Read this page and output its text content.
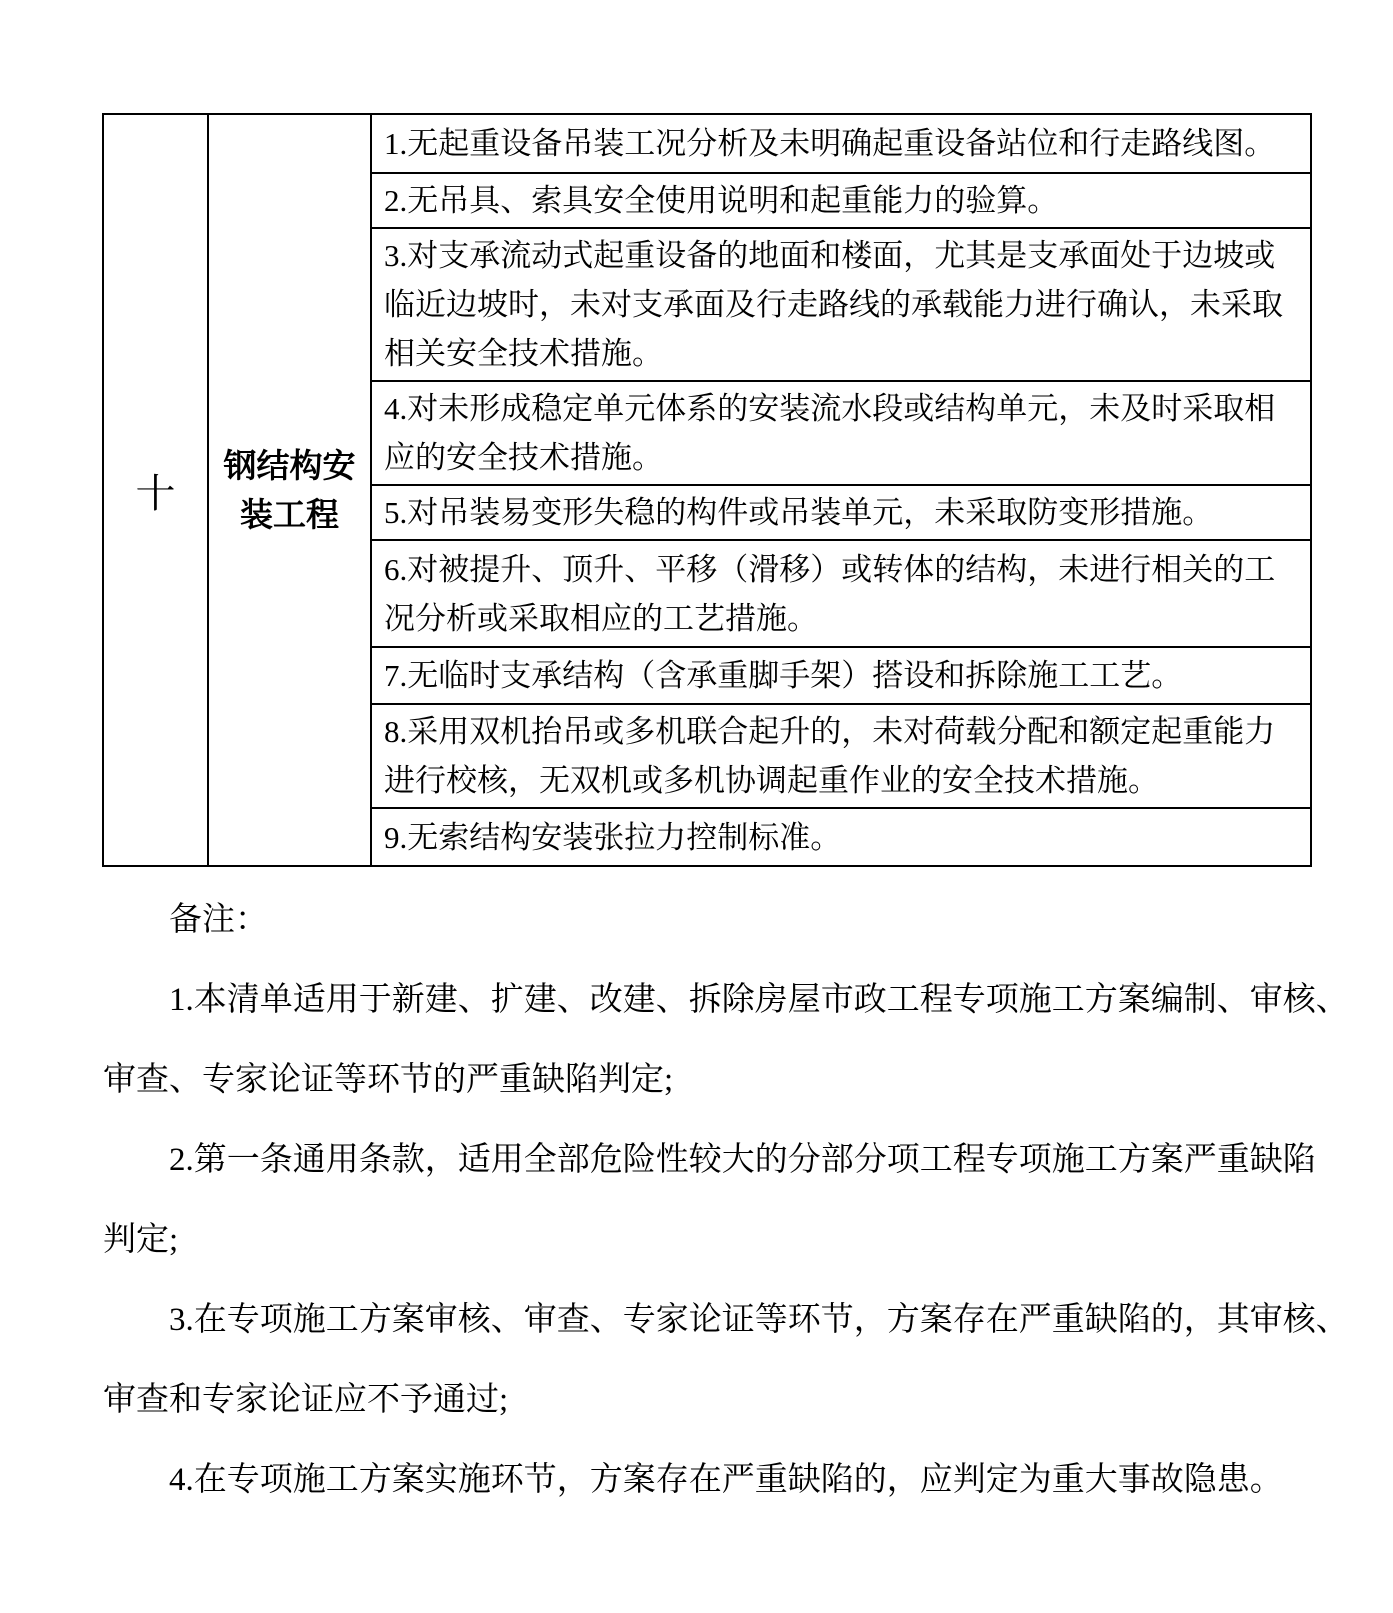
十	钢结构安装工程	1.无起重设备吊装工况分析及未明确起重设备站位和行走路线图。
2.无吊具、索具安全使用说明和起重能力的验算。
3.对支承流动式起重设备的地面和楼面，尤其是支承面处于边坡或临近边坡时，未对支承面及行走路线的承载能力进行确认，未采取相关安全技术措施。
4.对未形成稳定单元体系的安装流水段或结构单元，未及时采取相应的安全技术措施。
5.对吊装易变形失稳的构件或吊装单元，未采取防变形措施。
6.对被提升、顶升、平移（滑移）或转体的结构，未进行相关的工况分析或采取相应的工艺措施。
7.无临时支承结构（含承重脚手架）搭设和拆除施工工艺。
8.采用双机抬吊或多机联合起升的，未对荷载分配和额定起重能力进行校核，无双机或多机协调起重作业的安全技术措施。
9.无索结构安装张拉力控制标准。
备注：
1.本清单适用于新建、扩建、改建、拆除房屋市政工程专项施工方案编制、审核、
审查、专家论证等环节的严重缺陷判定;
2.第一条通用条款，适用全部危险性较大的分部分项工程专项施工方案严重缺陷
判定;
3.在专项施工方案审核、审查、专家论证等环节，方案存在严重缺陷的，其审核、
审查和专家论证应不予通过;
4.在专项施工方案实施环节，方案存在严重缺陷的，应判定为重大事故隐患。
